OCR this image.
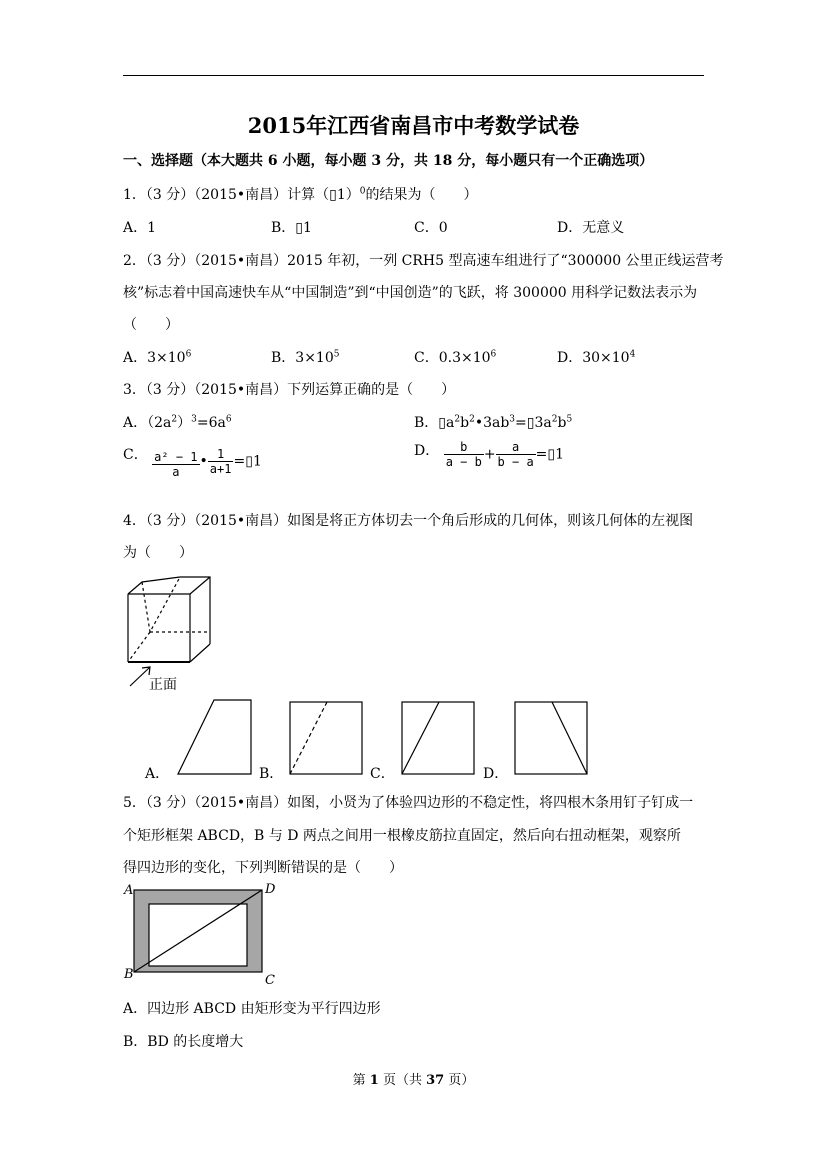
2015年江西省南昌市中考数学试卷
一、选择题（本大题共 6 小题，每小题 3 分，共 18 分，每小题只有一个正确选项）
1．（3 分）（2015•南昌）计算（▯1）$^0$的结果为（　　）
A．1	B．▯1	C．0	D．无意义
2．（3 分）（2015•南昌）2015 年初，一列 CRH5 型高速车组进行了“300000 公里正线运营考
核”标志着中国高速快车从“中国制造”到“中国创造”的飞跃，将 300000 用科学记数法表示为
（　　）
A．$3\times 10^6$	B．$3\times 10^5$	C．$0.3\times 10^6$	D．$30\times 10^4$
3．（3 分）（2015•南昌）下列运算正确的是（　　）
A．$(2a^2)^3=6a^6$	B．$▯a^2b^2•3ab^3=▯3a^2b^5$
C． $\frac{\text{a² − 1}}{a}$ • $\frac{1}{a+1}$ =▯1
D． $\frac{b}{a - b} + \frac{a}{b - a}$ =▯1
4．（3 分）（2015•南昌）如图是将正方体切去一个角后形成的几何体，则该几何体的左视图
为（　　）
正面
A．	B．	C．	D．
5．（3 分）（2015•南昌）如图，小贤为了体验四边形的不稳定性，将四根木条用钉子钉成一
个矩形框架 ABCD，B 与 D 两点之间用一根橡皮筋拉直固定，然后向右扭动框架，观察所
得四边形的变化，下列判断错误的是（　　）
A	D
B	C
A．四边形 ABCD 由矩形变为平行四边形
B．BD 的长度增大
第 1 页（共 37 页）
